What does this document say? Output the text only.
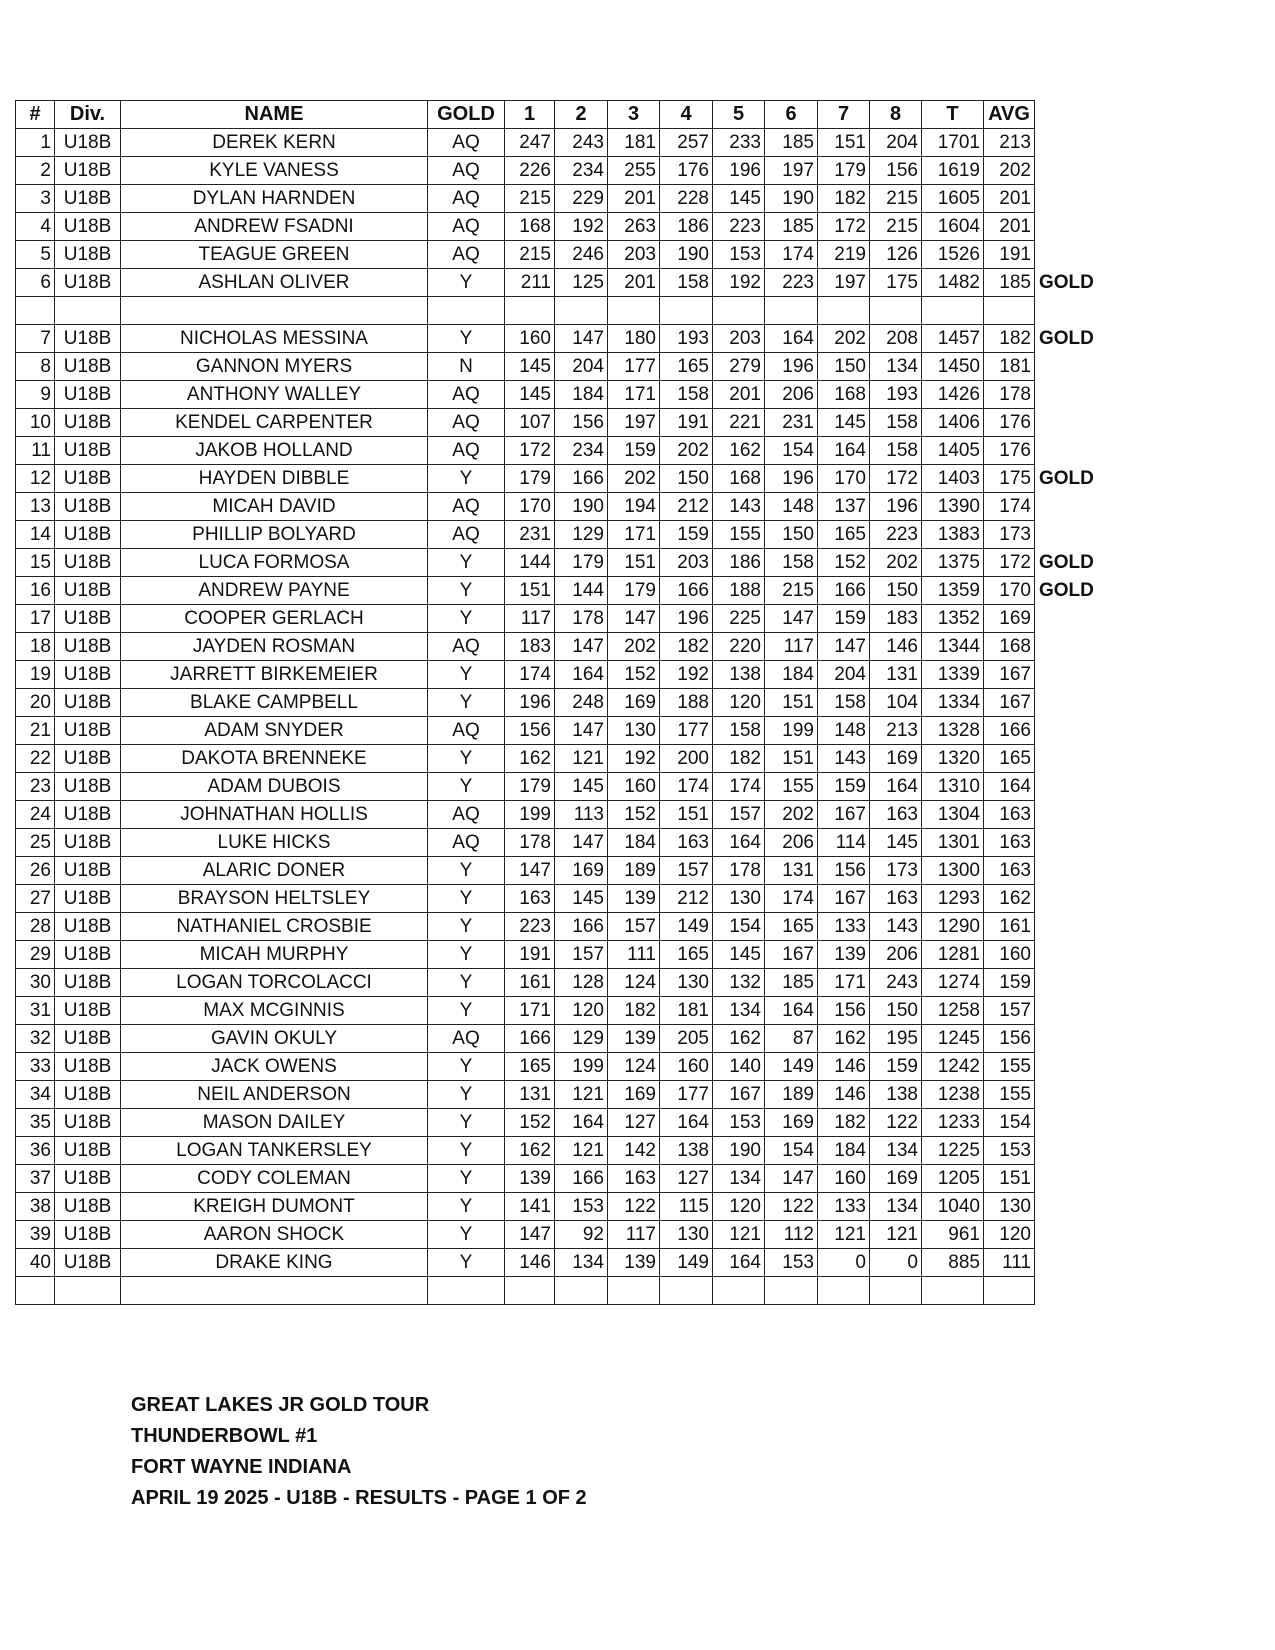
#	Div.	NAME	GOLD	1	2	3	4	5	6	7	8	T	AVG	
1	U18B	DEREK KERN	AQ	247	243	181	257	233	185	151	204	1701	213	
2	U18B	KYLE VANESS	AQ	226	234	255	176	196	197	179	156	1619	202	
3	U18B	DYLAN HARNDEN	AQ	215	229	201	228	145	190	182	215	1605	201	
4	U18B	ANDREW FSADNI	AQ	168	192	263	186	223	185	172	215	1604	201	
5	U18B	TEAGUE GREEN	AQ	215	246	203	190	153	174	219	126	1526	191	
6	U18B	ASHLAN OLIVER	Y	211	125	201	158	192	223	197	175	1482	185	GOLD

7	U18B	NICHOLAS MESSINA	Y	160	147	180	193	203	164	202	208	1457	182	GOLD
8	U18B	GANNON MYERS	N	145	204	177	165	279	196	150	134	1450	181	
9	U18B	ANTHONY WALLEY	AQ	145	184	171	158	201	206	168	193	1426	178	
10	U18B	KENDEL CARPENTER	AQ	107	156	197	191	221	231	145	158	1406	176	
11	U18B	JAKOB HOLLAND	AQ	172	234	159	202	162	154	164	158	1405	176	
12	U18B	HAYDEN DIBBLE	Y	179	166	202	150	168	196	170	172	1403	175	GOLD
13	U18B	MICAH DAVID	AQ	170	190	194	212	143	148	137	196	1390	174	
14	U18B	PHILLIP BOLYARD	AQ	231	129	171	159	155	150	165	223	1383	173	
15	U18B	LUCA FORMOSA	Y	144	179	151	203	186	158	152	202	1375	172	GOLD
16	U18B	ANDREW PAYNE	Y	151	144	179	166	188	215	166	150	1359	170	GOLD
17	U18B	COOPER GERLACH	Y	117	178	147	196	225	147	159	183	1352	169	
18	U18B	JAYDEN ROSMAN	AQ	183	147	202	182	220	117	147	146	1344	168	
19	U18B	JARRETT BIRKEMEIER	Y	174	164	152	192	138	184	204	131	1339	167	
20	U18B	BLAKE CAMPBELL	Y	196	248	169	188	120	151	158	104	1334	167	
21	U18B	ADAM SNYDER	AQ	156	147	130	177	158	199	148	213	1328	166	
22	U18B	DAKOTA BRENNEKE	Y	162	121	192	200	182	151	143	169	1320	165	
23	U18B	ADAM DUBOIS	Y	179	145	160	174	174	155	159	164	1310	164	
24	U18B	JOHNATHAN HOLLIS	AQ	199	113	152	151	157	202	167	163	1304	163	
25	U18B	LUKE HICKS	AQ	178	147	184	163	164	206	114	145	1301	163	
26	U18B	ALARIC DONER	Y	147	169	189	157	178	131	156	173	1300	163	
27	U18B	BRAYSON HELTSLEY	Y	163	145	139	212	130	174	167	163	1293	162	
28	U18B	NATHANIEL CROSBIE	Y	223	166	157	149	154	165	133	143	1290	161	
29	U18B	MICAH MURPHY	Y	191	157	111	165	145	167	139	206	1281	160	
30	U18B	LOGAN TORCOLACCI	Y	161	128	124	130	132	185	171	243	1274	159	
31	U18B	MAX MCGINNIS	Y	171	120	182	181	134	164	156	150	1258	157	
32	U18B	GAVIN OKULY	AQ	166	129	139	205	162	87	162	195	1245	156	
33	U18B	JACK OWENS	Y	165	199	124	160	140	149	146	159	1242	155	
34	U18B	NEIL ANDERSON	Y	131	121	169	177	167	189	146	138	1238	155	
35	U18B	MASON DAILEY	Y	152	164	127	164	153	169	182	122	1233	154	
36	U18B	LOGAN TANKERSLEY	Y	162	121	142	138	190	154	184	134	1225	153	
37	U18B	CODY COLEMAN	Y	139	166	163	127	134	147	160	169	1205	151	
38	U18B	KREIGH DUMONT	Y	141	153	122	115	120	122	133	134	1040	130	
39	U18B	AARON SHOCK	Y	147	92	117	130	121	112	121	121	961	120	
40	U18B	DRAKE KING	Y	146	134	139	149	164	153	0	0	885	111	

GREAT LAKES JR GOLD TOUR
THUNDERBOWL #1
FORT WAYNE INDIANA
APRIL 19 2025 - U18B - RESULTS - PAGE 1 OF 2
